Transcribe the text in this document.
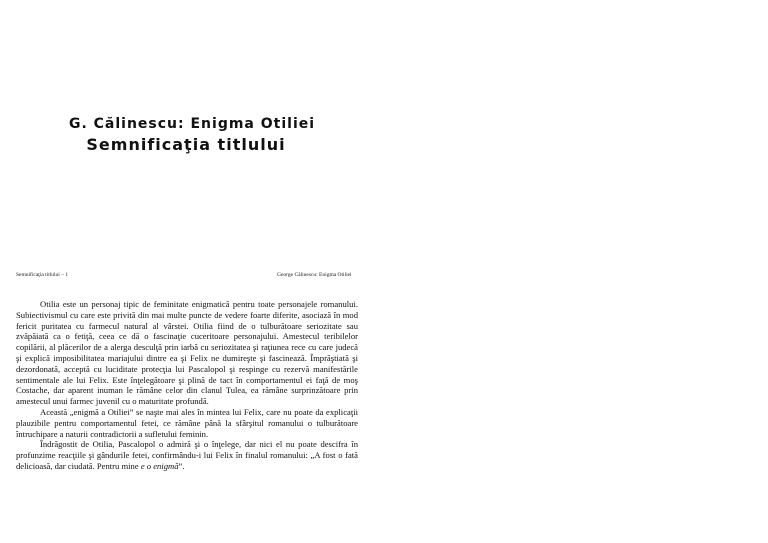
G. Călinescu: Enigma Otiliei
Semnificaţia titlului
Semnificaţia titlului – 1	George Călinescu: Enigma Otiliei

Otilia este un personaj tipic de feminitate enigmatică pentru toate personajele romanului. Subiectivismul cu care este privită din mai multe puncte de vedere foarte diferite, asociază în mod fericit puritatea cu farmecul natural al vârstei. Otilia fiind de o tulburătoare seriozitate sau zvăpăiată ca o fetiţă, ceea ce dă o fascinaţie cuceritoare personajului. Amestecul teribilelor copilării, al plăcerilor de a alerga desculţă prin iarbă cu seriozitatea şi raţiunea rece cu care judecă şi explică imposibilitatea mariajului dintre ea şi Felix ne dumireşte şi fascinează. Împrăştiată şi dezordonată, acceptă cu luciditate protecţia lui Pascalopol şi respinge cu rezervă manifestările sentimentale ale lui Felix. Este înţelegătoare şi plină de tact în comportamentul ei faţă de moş Costache, dar aparent inuman le rămâne celor din clanul Tulea, ea rămâne surprinzătoare prin amestecul unui farmec juvenil cu o maturitate profundă.

Această „enigmă a Otiliei” se naşte mai ales în mintea lui Felix, care nu poate da explicaţii plauzibile pentru comportamentul fetei, ce rămâne până la sfârşitul romanului o tulburătoare întruchipare a naturii contradictorii a sufletului feminin.

Îndrăgostit de Otilia, Pascalopol o admiră şi o înţelege, dar nici el nu poate descifra în profunzime reacţiile şi gândurile fetei, confirmându-i lui Felix în finalul romanului: „A fost o fată delicioasă, dar ciudată. Pentru mine e o enigmă”.
